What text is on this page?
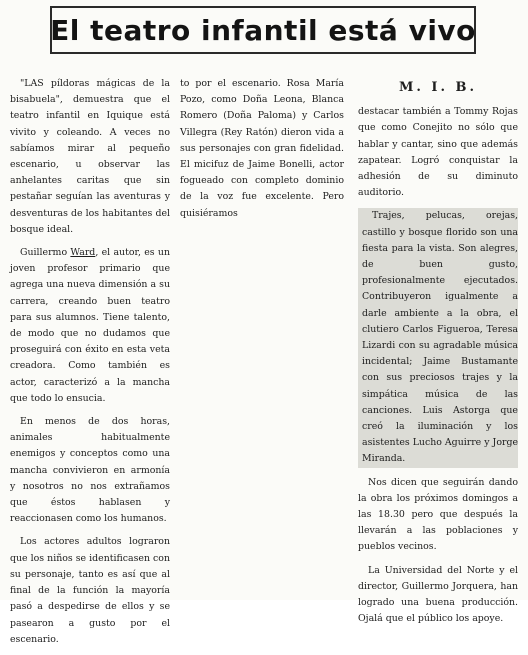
El teatro infantil está vivo

"LAS píldoras mágicas de la bisabuela", demuestra que el teatro infantil en Iquique está vivito y coleando. A veces no sabíamos mirar al pequeño escenario, u observar las anhelantes caritas que sin pestañar seguían las aventuras y desventuras de los habitantes del bosque ideal.

Guillermo Ward, el autor, es un joven profesor primario que agrega una nueva dimensión a su carrera, creando buen teatro para sus alumnos. Tiene talento, de modo que no dudamos que proseguirá con éxito en esta veta creadora. Como también es actor, caracterizó a la mancha que todo lo ensucia.

En menos de dos horas, animales habitualmente enemigos y conceptos como una mancha convivieron en armonía y nosotros no nos extrañamos que éstos hablasen y reaccionasen como los humanos.

Los actores adultos lograron que los niños se identificasen con su personaje, tanto es así que al final de la función la mayoría pasó a despedirse de ellos y se pasearon a gusto por el escenario.

to por el escenario. Rosa María Pozo, como Doña Leona, Blanca Romero (Doña Paloma) y Carlos Villegra (Rey Ratón) dieron vida a sus personajes con gran fidelidad. El micifuz de Jaime Bonelli, actor fogueado con completo dominio de la voz fue excelente. Pero quisiéramos

M. I. B.

destacar también a Tommy Rojas que como Conejito no sólo que hablar y cantar, sino que además zapatear. Logró conquistar la adhesión de su diminuto auditorio.

Trajes, pelucas, orejas, castillo y bosque florido son una fiesta para la vista. Son alegres, de buen gusto, profesionalmente ejecutados. Contribuyeron igualmente a darle ambiente a la obra, el clutiero Carlos Figueroa, Teresa Lizardi con su agradable música incidental; Jaime Bustamante con sus preciosos trajes y la simpática música de las canciones. Luis Astorga que creó la iluminación y los asistentes Lucho Aguirre y Jorge Miranda.

Nos dicen que seguirán dando la obra los próximos domingos a las 18.30 pero que después la llevarán a las poblaciones y pueblos vecinos.

La Universidad del Norte y el director, Guillermo Jorquera, han logrado una buena producción. Ojalá que el público los apoye.
